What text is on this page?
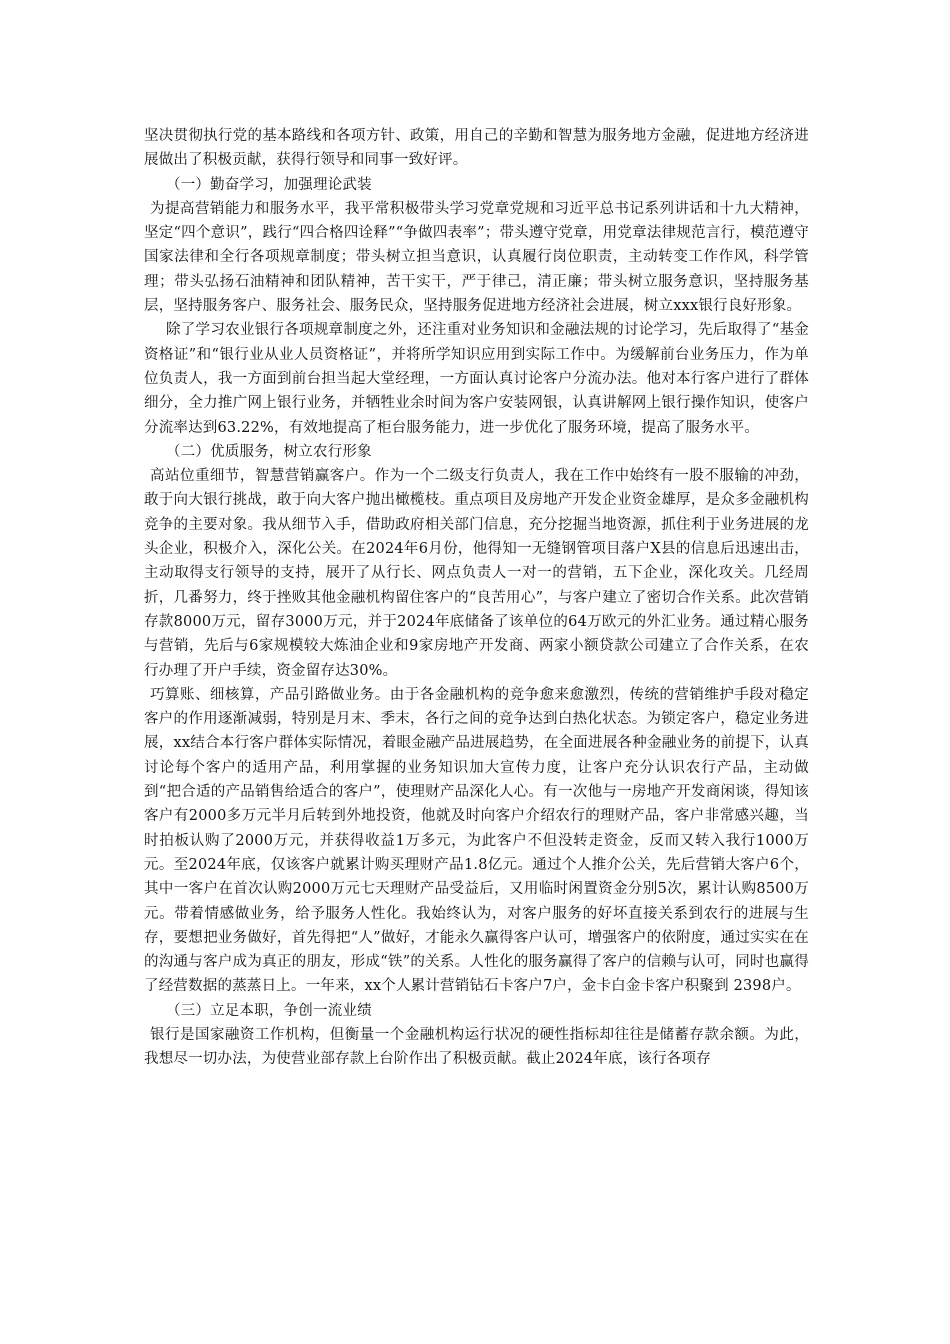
坚决贯彻执行党的基本路线和各项方针、政策，用自己的辛勤和智慧为服务地方金融，促进地方经济进展做出了积极贡献，获得行领导和同事一致好评。

（一）勤奋学习，加强理论武装

为提高营销能力和服务水平，我平常积极带头学习党章党规和习近平总书记系列讲话和十九大精神，坚定“四个意识”，践行“四合格四诠释”“争做四表率”；带头遵守党章，用党章法律规范言行，模范遵守国家法律和全行各项规章制度；带头树立担当意识，认真履行岗位职责，主动转变工作作风，科学管理；带头弘扬石油精神和团队精神，苦干实干，严于律己，清正廉；带头树立服务意识，坚持服务基层，坚持服务客户、服务社会、服务民众，坚持服务促进地方经济社会进展，树立xxx银行良好形象。

除了学习农业银行各项规章制度之外，还注重对业务知识和金融法规的讨论学习，先后取得了“基金资格证”和“银行业从业人员资格证”，并将所学知识应用到实际工作中。为缓解前台业务压力，作为单位负责人，我一方面到前台担当起大堂经理，一方面认真讨论客户分流办法。他对本行客户进行了群体细分，全力推广网上银行业务，并牺牲业余时间为客户安装网银，认真讲解网上银行操作知识，使客户分流率达到63.22%，有效地提高了柜台服务能力，进一步优化了服务环境，提高了服务水平。

（二）优质服务，树立农行形象

高站位重细节，智慧营销赢客户。作为一个二级支行负责人，我在工作中始终有一股不服输的冲劲，敢于向大银行挑战，敢于向大客户抛出橄榄枝。重点项目及房地产开发企业资金雄厚，是众多金融机构竞争的主要对象。我从细节入手，借助政府相关部门信息，充分挖掘当地资源，抓住利于业务进展的龙头企业，积极介入，深化公关。在2024年6月份，他得知一无缝钢管项目落户X县的信息后迅速出击，主动取得支行领导的支持，展开了从行长、网点负责人一对一的营销，五下企业，深化攻关。几经周折，几番努力，终于挫败其他金融机构留住客户的“良苦用心”，与客户建立了密切合作关系。此次营销存款8000万元，留存3000万元，并于2024年底储备了该单位的64万欧元的外汇业务。通过精心服务与营销，先后与6家规模较大炼油企业和9家房地产开发商、两家小额贷款公司建立了合作关系，在农行办理了开户手续，资金留存达30%。

巧算账、细核算，产品引路做业务。由于各金融机构的竞争愈来愈激烈，传统的营销维护手段对稳定客户的作用逐渐减弱，特别是月末、季末，各行之间的竞争达到白热化状态。为锁定客户，稳定业务进展，xx结合本行客户群体实际情况，着眼金融产品进展趋势，在全面进展各种金融业务的前提下，认真讨论每个客户的适用产品，利用掌握的业务知识加大宣传力度，让客户充分认识农行产品，主动做到“把合适的产品销售给适合的客户”，使理财产品深化人心。有一次他与一房地产开发商闲谈，得知该客户有2000多万元半月后转到外地投资，他就及时向客户介绍农行的理财产品，客户非常感兴趣，当时拍板认购了2000万元，并获得收益1万多元，为此客户不但没转走资金，反而又转入我行1000万元。至2024年底，仅该客户就累计购买理财产品1.8亿元。通过个人推介公关，先后营销大客户6个，其中一客户在首次认购2000万元七天理财产品受益后，又用临时闲置资金分别5次，累计认购8500万元。带着情感做业务，给予服务人性化。我始终认为，对客户服务的好坏直接关系到农行的进展与生存，要想把业务做好，首先得把“人”做好，才能永久赢得客户认可，增强客户的依附度，通过实实在在的沟通与客户成为真正的朋友，形成“铁”的关系。人性化的服务赢得了客户的信赖与认可，同时也赢得了经营数据的蒸蒸日上。一年来，xx个人累计营销钻石卡客户7户，金卡白金卡客户积聚到 2398户。

（三）立足本职，争创一流业绩

银行是国家融资工作机构，但衡量一个金融机构运行状况的硬性指标却往往是储蓄存款余额。为此，我想尽一切办法，为使营业部存款上台阶作出了积极贡献。截止2024年底，该行各项存
